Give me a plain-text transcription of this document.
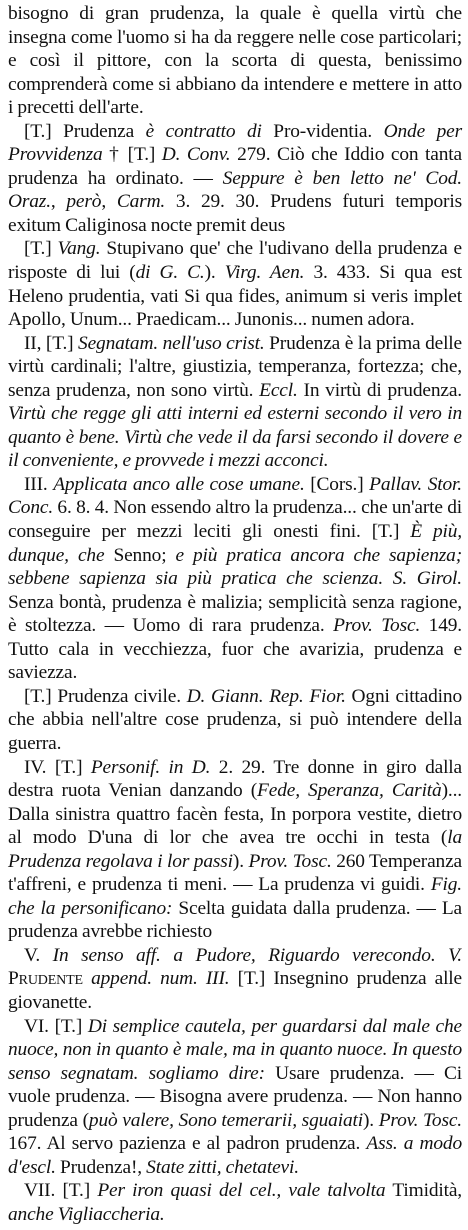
bisogno di gran prudenza, la quale è quella virtù che insegna come l'uomo si ha da reggere nelle cose particolari; e così il pittore, con la scorta di questa, benissimo comprenderà come si abbiano da intendere e mettere in atto i precetti dell'arte.

[T.] Prudenza è contratto di Pro-videntia. Onde per Provvidenza † [T.] D. Conv. 279. Ciò che Iddio con tanta prudenza ha ordinato. — Seppure è ben letto ne' Cod. Oraz., però, Carm. 3. 29. 30. Prudens futuri temporis exitum Caliginosa nocte premit deus

[T.] Vang. Stupivano que' che l'udivano della prudenza e risposte di lui (di G. C.). Virg. Aen. 3. 433. Si qua est Heleno prudentia, vati Si qua fides, animum si veris implet Apollo, Unum... Praedicam... Junonis... numen adora.

II, [T.] Segnatam. nell'uso crist. Prudenza è la prima delle virtù cardinali; l'altre, giustizia, temperanza, fortezza; che, senza prudenza, non sono virtù. Eccl. In virtù di prudenza. Virtù che regge gli atti interni ed esterni secondo il vero in quanto è bene. Virtù che vede il da farsi secondo il dovere e il conveniente, e provvede i mezzi acconci.

III. Applicata anco alle cose umane. [Cors.] Pallav. Stor. Conc. 6. 8. 4. Non essendo altro la prudenza... che un'arte di conseguire per mezzi leciti gli onesti fini. [T.] È più, dunque, che Senno; e più pratica ancora che sapienza; sebbene sapienza sia più pratica che scienza. S. Girol. Senza bontà, prudenza è malizia; semplicità senza ragione, è stoltezza. — Uomo di rara prudenza. Prov. Tosc. 149. Tutto cala in vecchiezza, fuor che avarizia, prudenza e saviezza.

[T.] Prudenza civile. D. Giann. Rep. Fior. Ogni cittadino che abbia nell'altre cose prudenza, si può intendere della guerra.

IV. [T.] Personif. in D. 2. 29. Tre donne in giro dalla destra ruota Venian danzando (Fede, Speranza, Carità)... Dalla sinistra quattro facèn festa, In porpora vestite, dietro al modo D'una di lor che avea tre occhi in testa (la Prudenza regolava i lor passi). Prov. Tosc. 260 Temperanza t'affreni, e prudenza ti meni. — La prudenza vi guidi. Fig. che la personificano: Scelta guidata dalla prudenza. — La prudenza avrebbe richiesto

V. In senso aff. a Pudore, Riguardo verecondo. V. Prudente append. num. III. [T.] Insegnino prudenza alle giovanette.

VI. [T.] Di semplice cautela, per guardarsi dal male che nuoce, non in quanto è male, ma in quanto nuoce. In questo senso segnatam. sogliamo dire: Usare prudenza. — Ci vuole prudenza. — Bisogna avere prudenza. — Non hanno prudenza (può valere, Sono temerarii, sguaiati). Prov. Tosc. 167. Al servo pazienza e al padron prudenza. Ass. a modo d'escl. Prudenza!, State zitti, chetatevi.

VII. [T.] Per iron quasi del cel., vale talvolta Timidità, anche Vigliaccheria.
